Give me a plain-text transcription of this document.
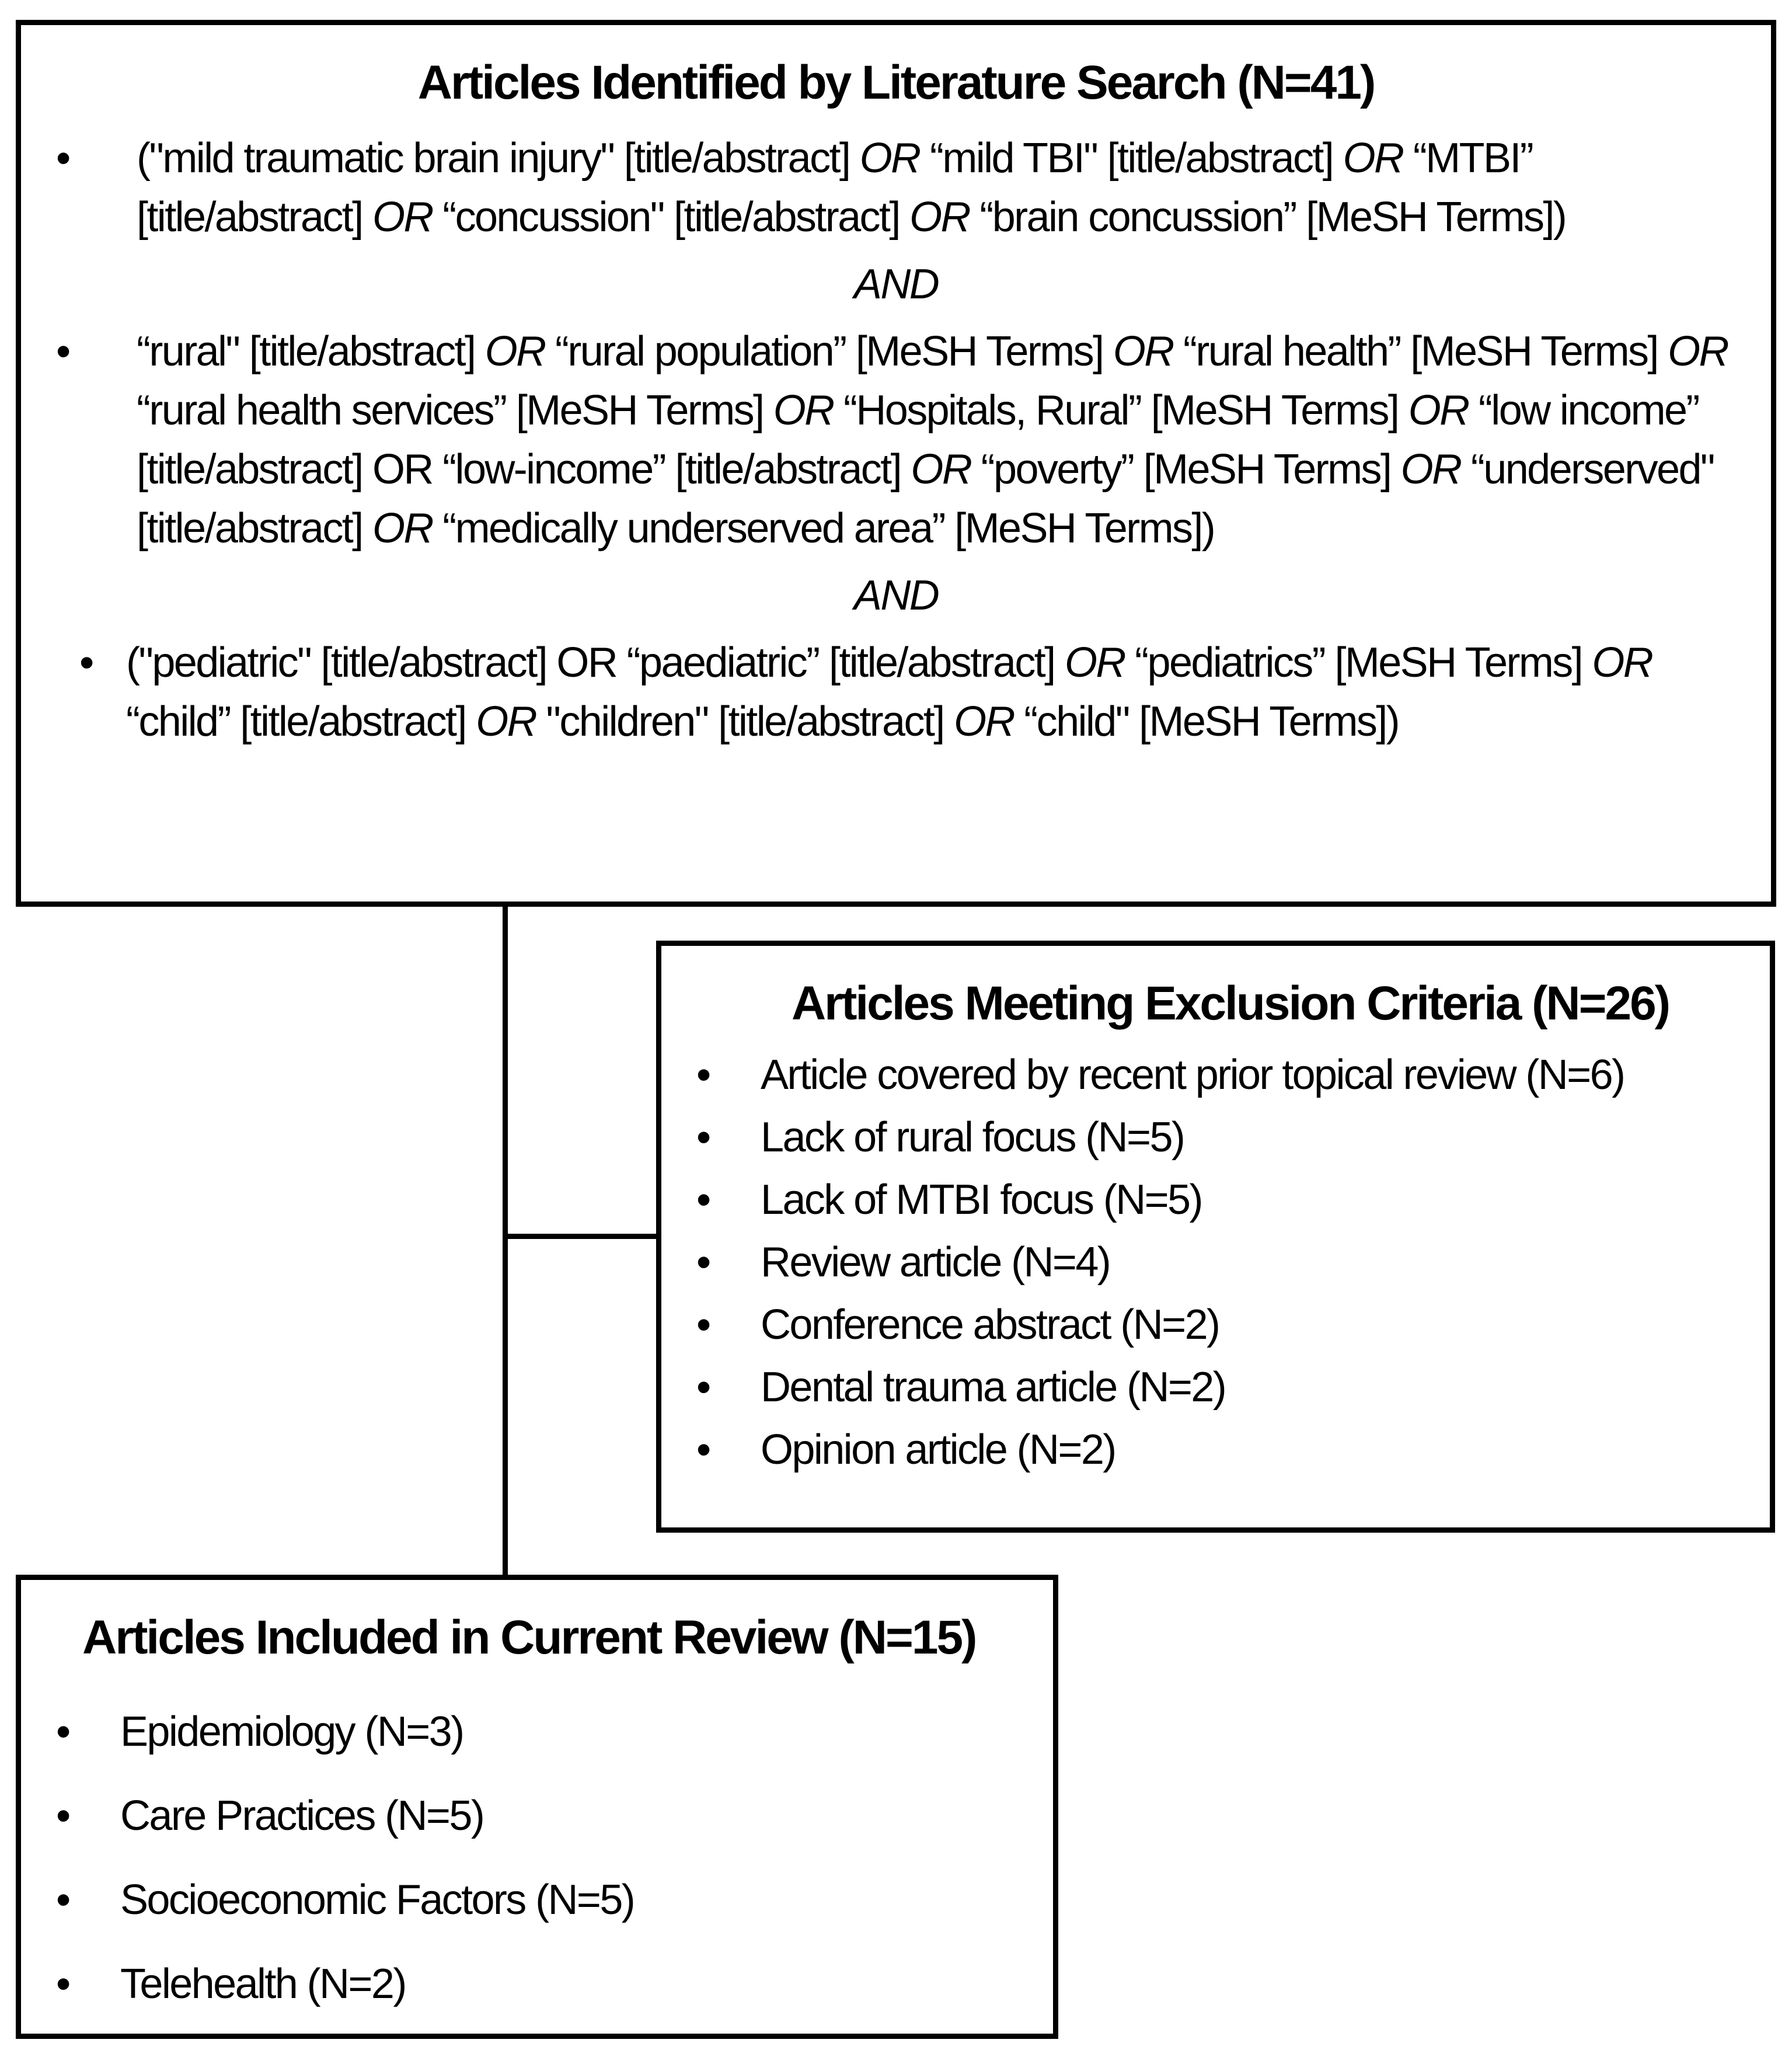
Articles Identified by Literature Search (N=41)
• ("mild traumatic brain injury" [title/abstract] OR “mild TBI" [title/abstract] OR “MTBI” [title/abstract] OR “concussion" [title/abstract] OR “brain concussion” [MeSH Terms])
AND
• “rural" [title/abstract] OR “rural population” [MeSH Terms] OR “rural health” [MeSH Terms] OR “rural health services” [MeSH Terms] OR “Hospitals, Rural” [MeSH Terms] OR “low income” [title/abstract] OR “low-income” [title/abstract] OR “poverty” [MeSH Terms] OR “underserved" [title/abstract] OR “medically underserved area” [MeSH Terms])
AND
• ("pediatric" [title/abstract] OR “paediatric” [title/abstract] OR “pediatrics” [MeSH Terms] OR “child” [title/abstract] OR "children" [title/abstract] OR “child" [MeSH Terms])
Articles Meeting Exclusion Criteria (N=26)
• Article covered by recent prior topical review (N=6)
• Lack of rural focus (N=5)
• Lack of MTBI focus (N=5)
• Review article (N=4)
• Conference abstract (N=2)
• Dental trauma article (N=2)
• Opinion article (N=2)
Articles Included in Current Review (N=15)
• Epidemiology (N=3)
• Care Practices (N=5)
• Socioeconomic Factors (N=5)
• Telehealth (N=2)
